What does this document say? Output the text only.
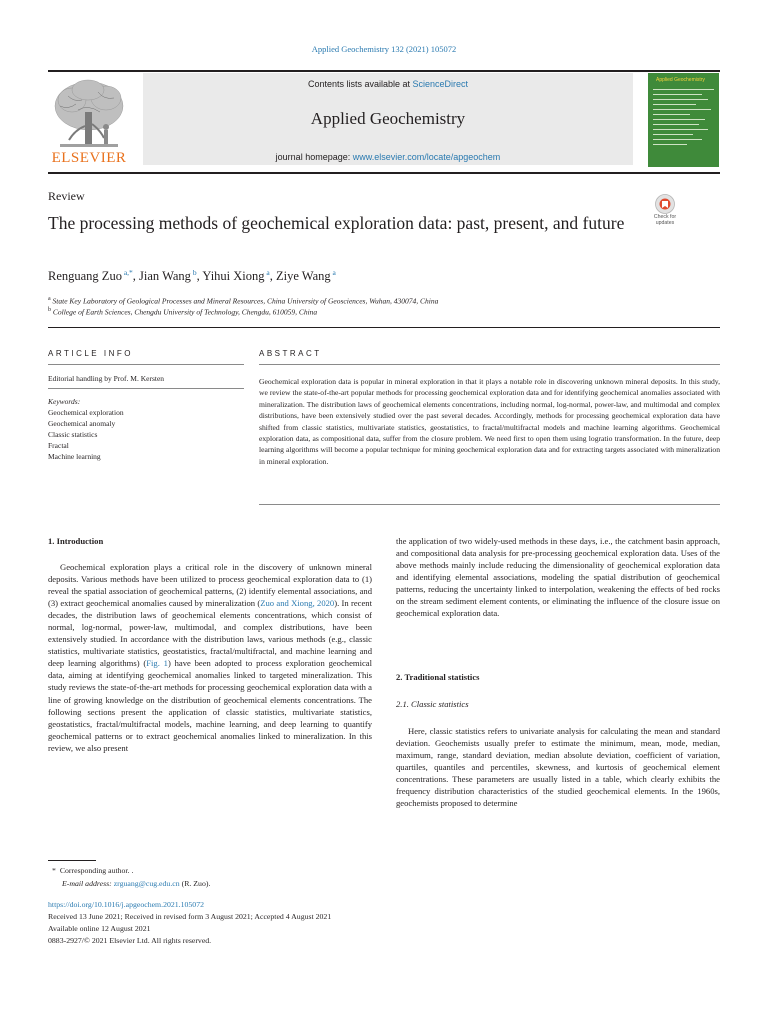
Applied Geochemistry 132 (2021) 105072
ELSEVIER
Contents lists available at ScienceDirect
Applied Geochemistry
journal homepage: www.elsevier.com/locate/apgeochem
Applied Geochemistry
Review
The processing methods of geochemical exploration data: past, present, and future	Check for
updates
Renguang Zuo $^{a,*}$, Jian Wang $^b$, Yihui Xiong $^a$, Ziye Wang $^a$
$^a$ State Key Laboratory of Geological Processes and Mineral Resources, China University of Geosciences, Wuhan, 430074, China
$^b$ College of Earth Sciences, Chengdu University of Technology, Chengdu, 610059, China
ARTICLE INFO
Editorial handling by Prof. M. Kersten
Keywords:
Geochemical exploration
Geochemical anomaly
Classic statistics
Fractal
Machine learning
ABSTRACT
Geochemical exploration data is popular in mineral exploration in that it plays a notable role in discovering unknown mineral deposits. In this study, we review the state-of-the-art popular methods for processing geochemical exploration data and for identifying geochemical anomalies associated with mineralization. The distribution laws of geochemical elements concentrations, including normal, log-normal, power-law, and multimodal and complex distributions, have been extensively studied over the past several decades. Accordingly, methods for processing geochemical exploration data have shifted from classic statistics, multivariate statistics, geostatistics, to fractal/multifractal models and machine learning algorithms. Geochemical exploration data, as compositional data, suffer from the closure problem. We need first to open them using logratio transformation. In the future, deep learning algorithms will become a popular technique for mining geochemical exploration data and for extracting targets associated with mineralization in mineral exploration.
1. Introduction

Geochemical exploration plays a critical role in the discovery of unknown mineral deposits. Various methods have been utilized to process geochemical exploration data to (1) reveal the spatial association of geochemical patterns, (2) identify elemental associations, and (3) extract geochemical anomalies caused by mineralization (Zuo and Xiong, 2020). In recent decades, the distribution laws of geochemical elements concentrations, which consist of normal, log-normal, power-law, multimodal, and complex distributions, have been extensively studied. In accordance with the distribution laws, various methods (e.g., classic statistics, multivariate statistics, geostatistics, fractal/multifractal, and machine learning and deep learning algorithms) (Fig. 1) have been adopted to process exploration geochemical data, aiming at identifying geochemical anomalies linked to targeted mineralization. This study reviews the state-of-the-art methods for processing geochemical exploration data with a line of growing knowledge on the distribution of geochemical elements concentrations. The following sections present the application of classic statistics, multivariate statistics, geostatistics, fractal/multifractal models, machine learning, and deep learning to quantify geochemical patterns or to extract geochemical anomalies linked to mineralization. In this review, we also present

the application of two widely-used methods in these days, i.e., the catchment basin approach, and compositional data analysis for pre-processing geochemical exploration data. Uses of the above methods mainly include reducing the dimensionality of geochemical exploration data and identifying elemental associations, modeling the spatial distribution of geochemical patterns, reducing the uncertainty linked to interpolation, weakening the effects of bed rocks on the stream sediment element contents, or eliminating the influence of the closure issue on geochemical exploration data.

2. Traditional statistics
2.1. Classic statistics

Here, classic statistics refers to univariate analysis for calculating the mean and standard deviation. Geochemists usually prefer to estimate the minimum, mean, mode, median, maximum, range, standard deviation, median absolute deviation, coefficient of variation, quartiles, quantiles and percentiles, skewness, and kurtosis of geochemical element concentrations. These parameters are usually listed in a table, which clearly exhibits the frequency distribution characteristics of the studied geochemical elements. In the 1960s, geochemists proposed to determine

* Corresponding author. .
E-mail address: zrguang@cug.edu.cn (R. Zuo).
https://doi.org/10.1016/j.apgeochem.2021.105072
Received 13 June 2021; Received in revised form 3 August 2021; Accepted 4 August 2021
Available online 12 August 2021
0883-2927/© 2021 Elsevier Ltd. All rights reserved.
